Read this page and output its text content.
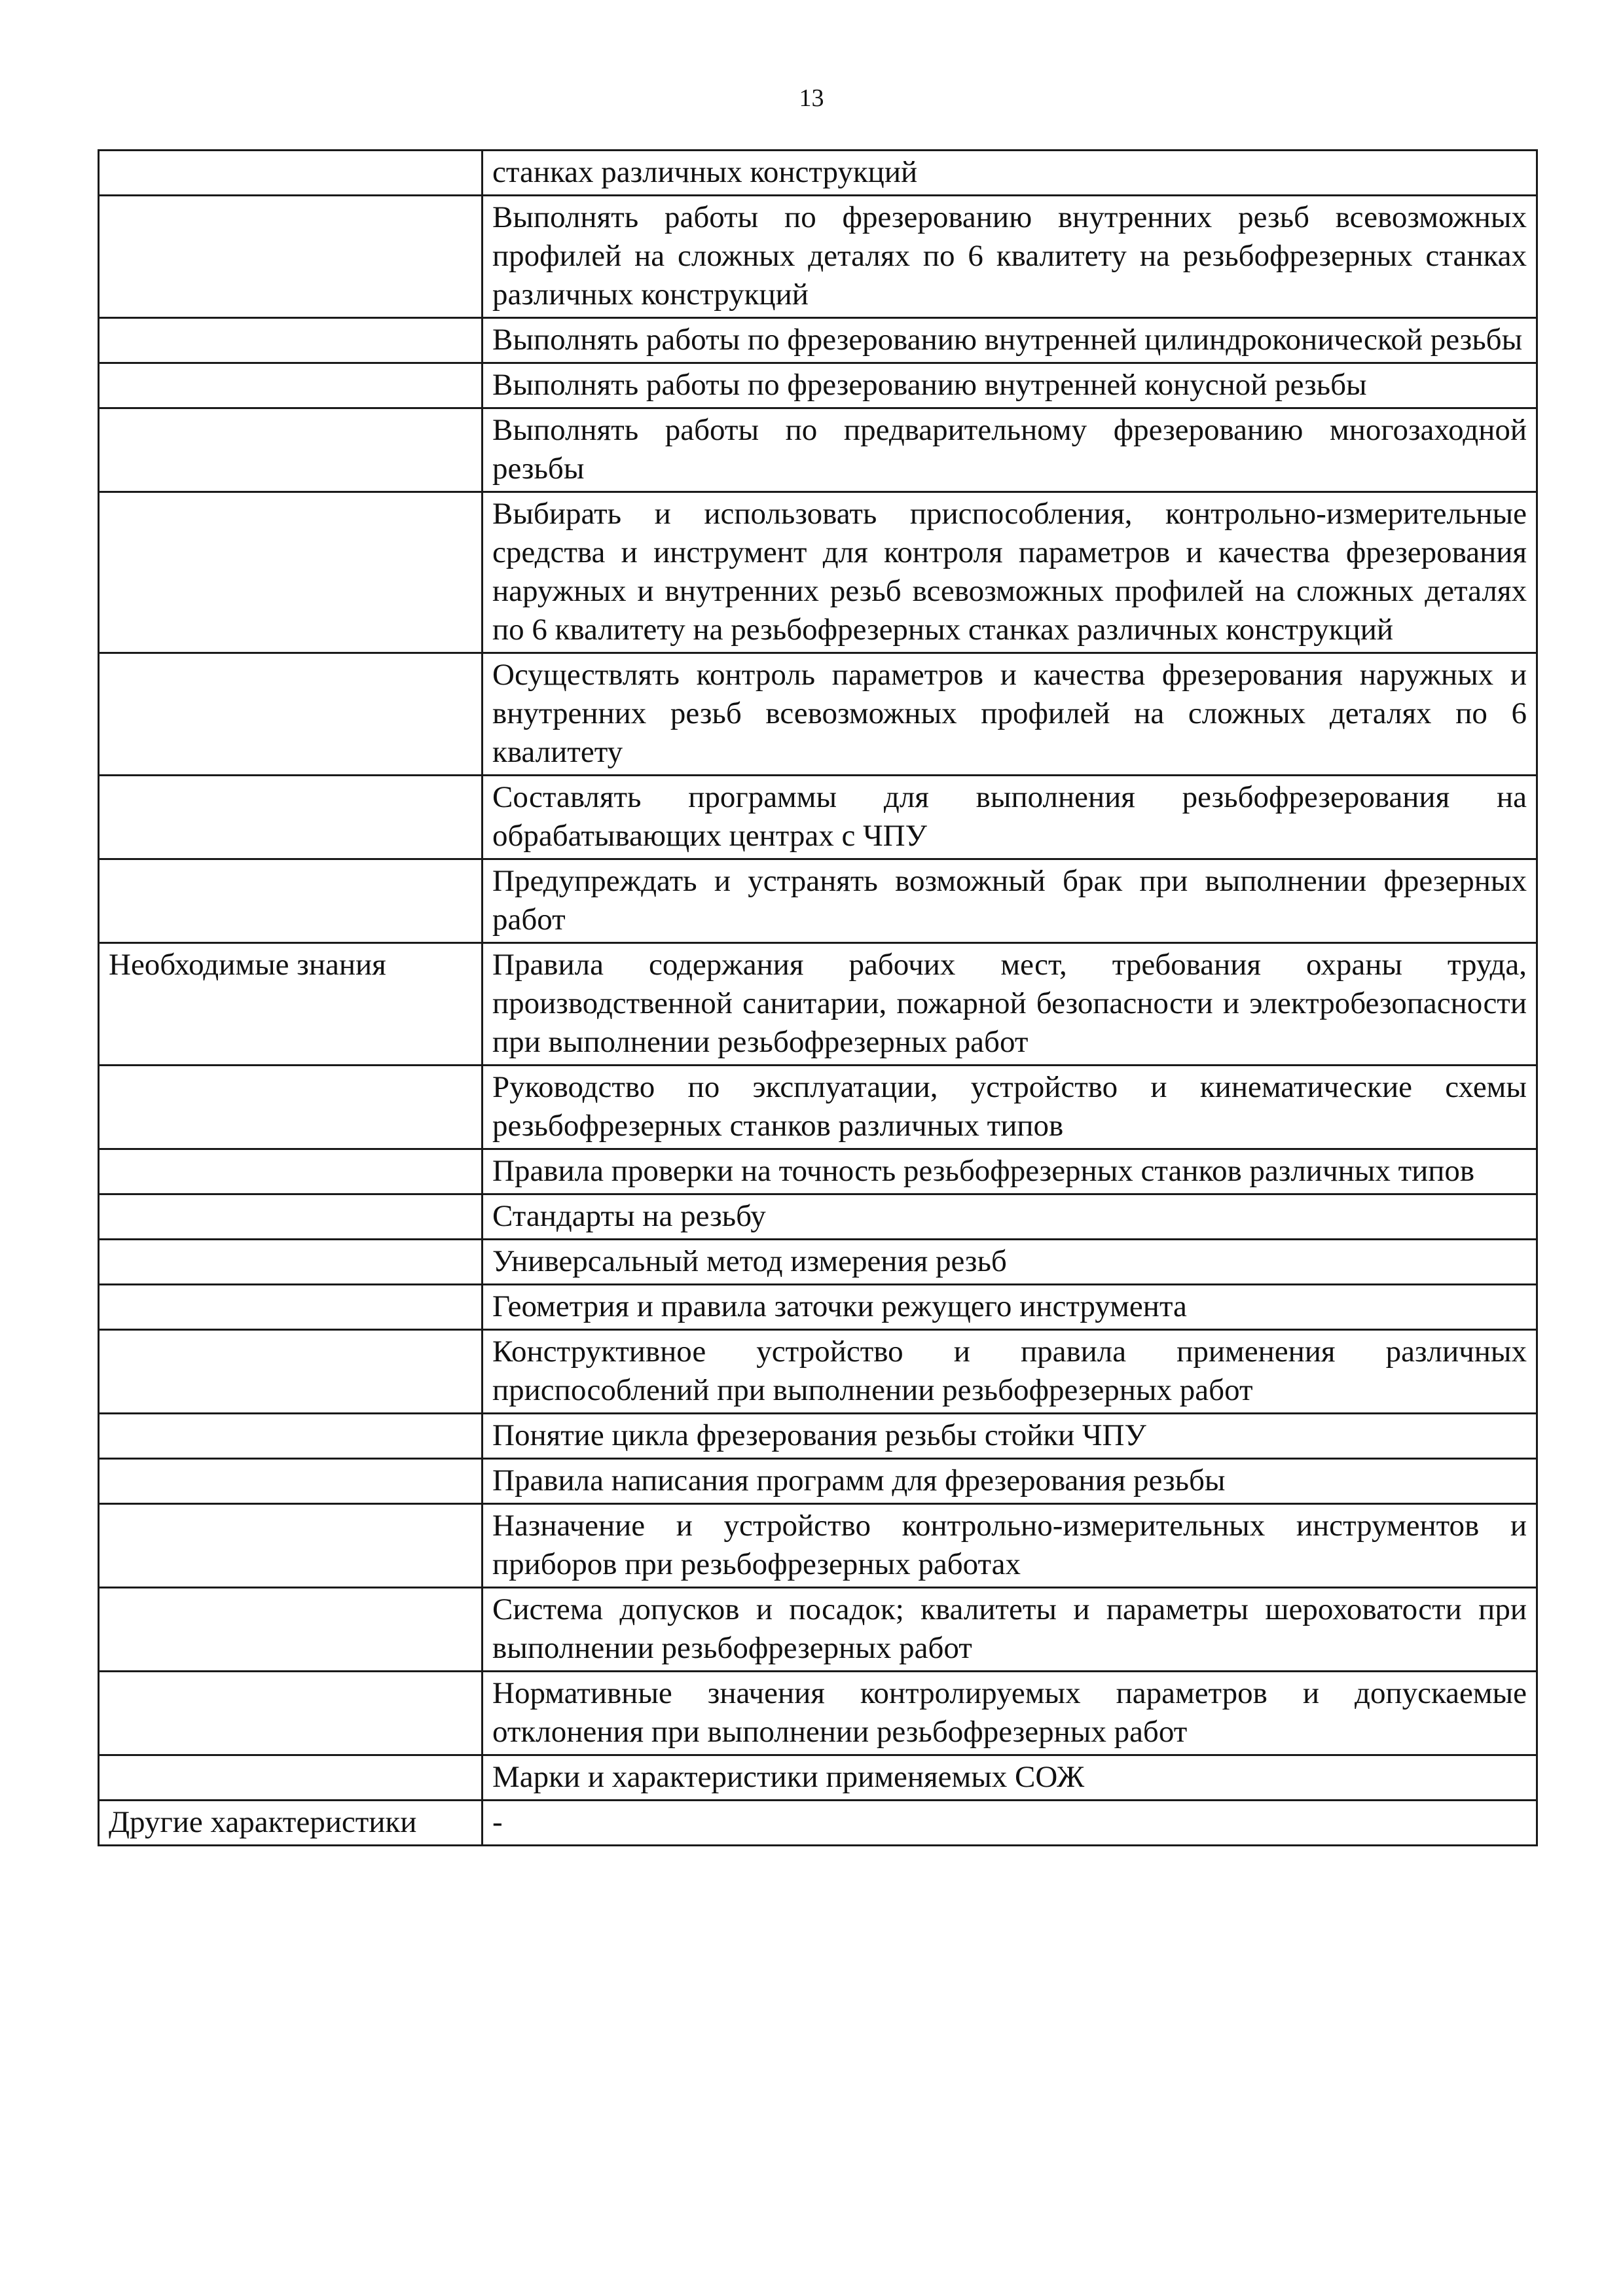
13
	станках различных конструкций
	Выполнять работы по фрезерованию внутренних резьб всевозможных профилей на сложных деталях по 6 квалитету на резьбофрезерных станках различных конструкций
	Выполнять работы по фрезерованию внутренней цилиндроконической резьбы
	Выполнять работы по фрезерованию внутренней конусной резьбы
	Выполнять работы по предварительному фрезерованию многозаходной резьбы
	Выбирать и использовать приспособления, контрольно-измерительные средства и инструмент для контроля параметров и качества фрезерования наружных и внутренних резьб всевозможных профилей на сложных деталях по 6 квалитету на резьбофрезерных станках различных конструкций
	Осуществлять контроль параметров и качества фрезерования наружных и внутренних резьб всевозможных профилей на сложных деталях по 6 квалитету
	Составлять программы для выполнения резьбофрезерования на обрабатывающих центрах с ЧПУ
	Предупреждать и устранять возможный брак при выполнении фрезерных работ
Необходимые знания	Правила содержания рабочих мест, требования охраны труда, производственной санитарии, пожарной безопасности и электробезопасности при выполнении резьбофрезерных работ
	Руководство по эксплуатации, устройство и кинематические схемы резьбофрезерных станков различных типов
	Правила проверки на точность резьбофрезерных станков различных типов
	Стандарты на резьбу
	Универсальный метод измерения резьб
	Геометрия и правила заточки режущего инструмента
	Конструктивное устройство и правила применения различных приспособлений при выполнении резьбофрезерных работ
	Понятие цикла фрезерования резьбы стойки ЧПУ
	Правила написания программ для фрезерования резьбы
	Назначение и устройство контрольно-измерительных инструментов и приборов при резьбофрезерных работах
	Система допусков и посадок; квалитеты и параметры шероховатости при выполнении резьбофрезерных работ
	Нормативные значения контролируемых параметров и допускаемые отклонения при выполнении резьбофрезерных работ
	Марки и характеристики применяемых СОЖ
Другие характеристики	-
